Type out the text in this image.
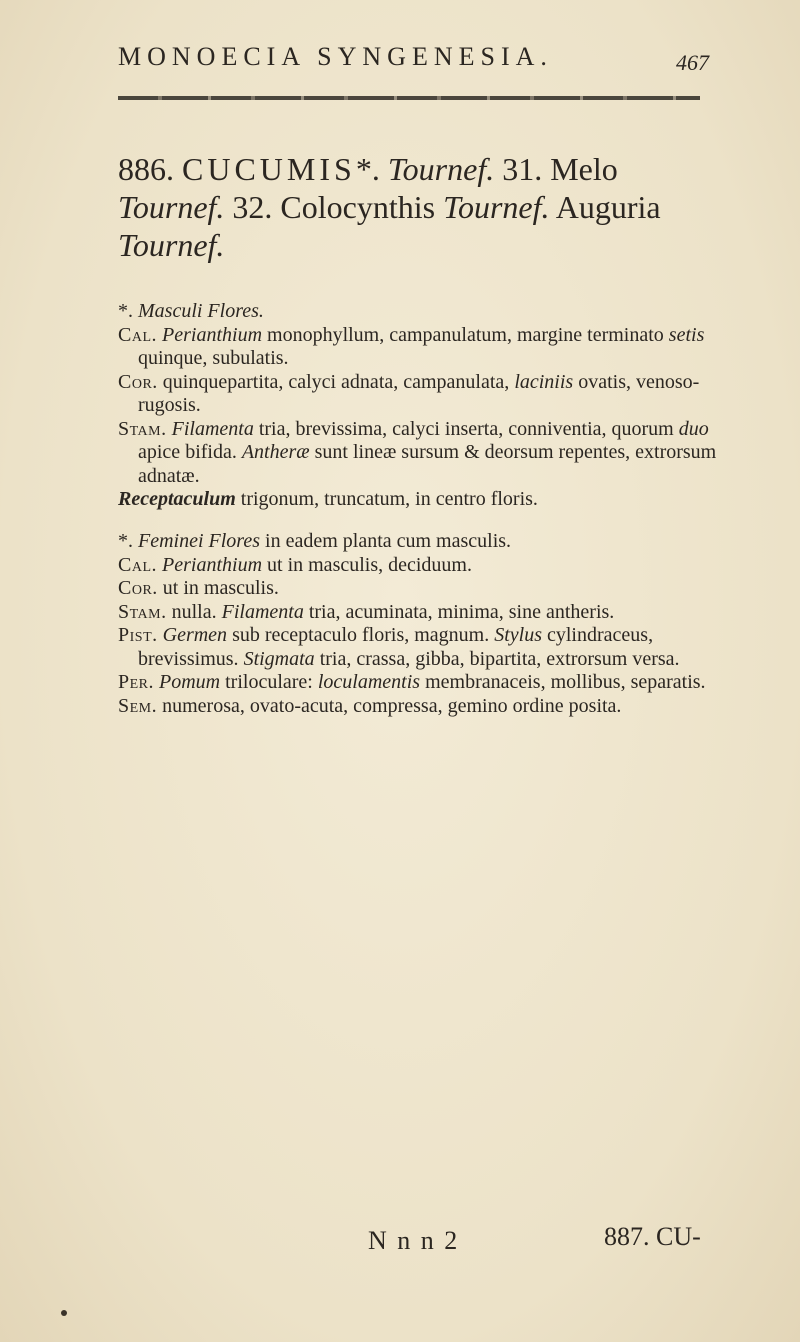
MONOECIA SYNGENESIA.	467
886. CUCUMIS*. Tournef. 31. Melo Tournef. 32. Colocynthis Tournef. Auguria Tournef.

*. Masculi Flores.

Cal. Perianthium monophyllum, campanulatum, margine terminato setis quinque, subulatis.

Cor. quinquepartita, calyci adnata, campanulata, laciniis ovatis, venoso-rugosis.

Stam. Filamenta tria, brevissima, calyci inserta, conniventia, quorum duo apice bifida. Antheræ sunt lineæ sursum & deorsum repentes, extrorsum adnatæ.

Receptaculum trigonum, truncatum, in centro floris.

*. Feminei Flores in eadem planta cum masculis.

Cal. Perianthium ut in masculis, deciduum.

Cor. ut in masculis.

Stam. nulla. Filamenta tria, acuminata, minima, sine antheris.

Pist. Germen sub receptaculo floris, magnum. Stylus cylindraceus, brevissimus. Stigmata tria, crassa, gibba, bipartita, extrorsum versa.

Per. Pomum triloculare: loculamentis membranaceis, mollibus, separatis.

Sem. numerosa, ovato-acuta, compressa, gemino ordine posita.

N n n 2	887. CU-
